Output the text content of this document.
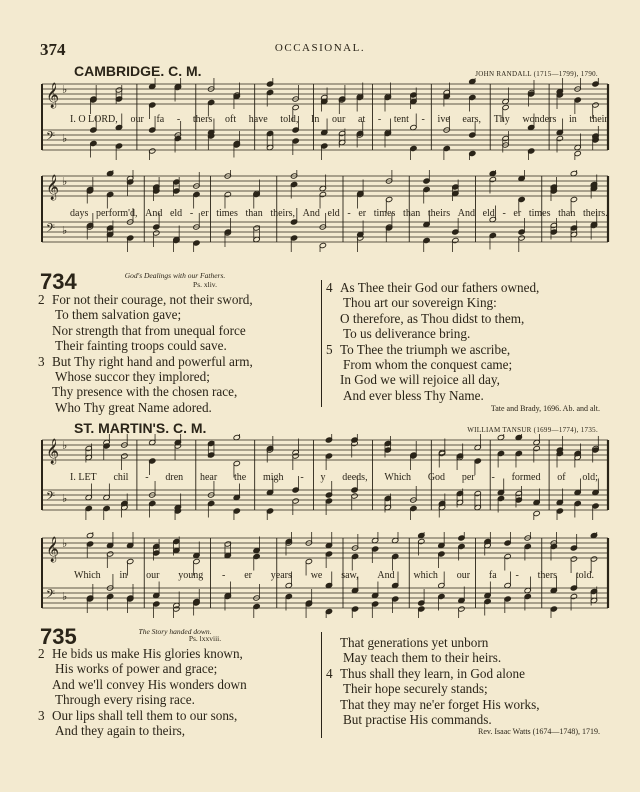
374	OCCASIONAL.
CAMBRIDGE. C. M.	JOHN RANDALL (1715—1799), 1790.
𝄞 ♭
𝄢 ♭
I. O LORD, our fa - thers oft have told, In our at - tent - ive ears, Thy wonders in their
𝄞 ♭
𝄢 ♭
days perform'd, And eld - er times than theirs, And eld - er times than theirs And eld - er times than theirs.
734	God's Dealings with our Fathers.
Ps. xliv.
2 For not their courage, not their sword,
To them salvation gave;
Nor strength that from unequal force
Their fainting troops could save.
3 But Thy right hand and powerful arm,
Whose succor they implored;
Thy presence with the chosen race,
Who Thy great Name adored.
4 As Thee their God our fathers owned,
Thou art our sovereign King:
O therefore, as Thou didst to them,
To us deliverance bring.
5 To Thee the triumph we ascribe,
From whom the conquest came;
In God we will rejoice all day,
And ever bless Thy Name.
Tate and Brady, 1696. Ab. and alt.
ST. MARTIN'S. C. M.	WILLIAM TANSUR (1699—1774), 1735.
𝄞 ♭
𝄢 ♭
I. LET chil - dren hear the migh - y deeds, Which God per - formed of old;
𝄞 ♭
𝄢 ♭
Which in our young - er years we saw, And which our fa - thers told.
735	The Story handed down.
Ps. lxxviii.
2 He bids us make His glories known,
His works of power and grace;
And we'll convey His wonders down
Through every rising race.
3 Our lips shall tell them to our sons,
And they again to theirs,
That generations yet unborn
May teach them to their heirs.
4 Thus shall they learn, in God alone
Their hope securely stands;
That they may ne'er forget His works,
But practise His commands.
Rev. Isaac Watts (1674—1748), 1719.
